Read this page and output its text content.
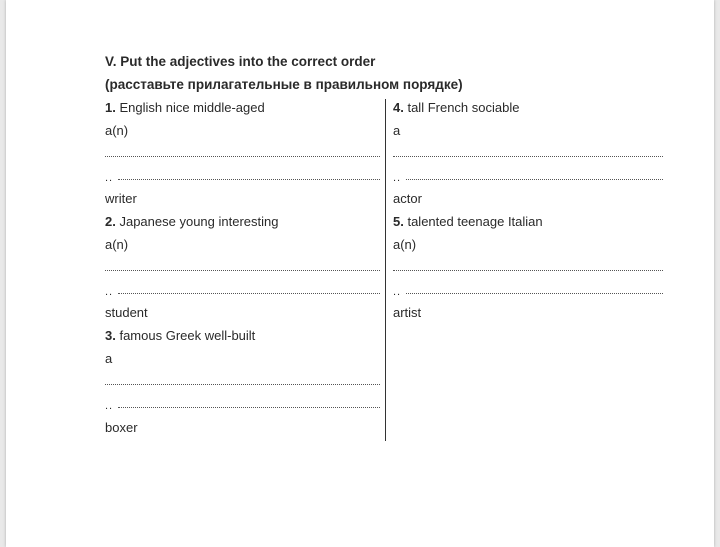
V. Put the adjectives into the correct order
(расставьте прилагательные в правильном порядке)
1. English nice middle-aged
a(n)
..
writer
2. Japanese young interesting
a(n)
..
student
3. famous Greek well-built
a
..
boxer
4. tall French sociable
a
..
actor
5. talented teenage Italian
a(n)
..
artist
